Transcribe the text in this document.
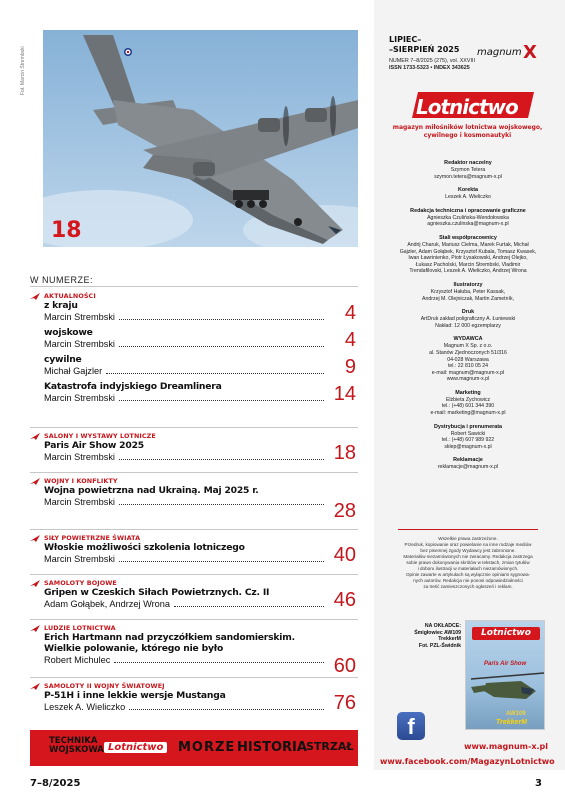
18
Fot. Marcin Strembski
W NUMERZE:
AKTUALNOŚCI
z kraju
Marcin Strembski	4
wojskowe
Marcin Strembski	4
cywilne
Michał Gajzler	9
Katastrofa indyjskiego Dreamlinera
Marcin Strembski	14
SALONY I WYSTAWY LOTNICZE
Paris Air Show 2025
Marcin Strembski	18
WOJNY I KONFLIKTY
Wojna powietrzna nad Ukrainą. Maj 2025 r.
Marcin Strembski	28
SIŁY POWIETRZNE ŚWIATA
Włoskie możliwości szkolenia lotniczego
Marcin Strembski	40
SAMOLOTY BOJOWE
Gripen w Czeskich Siłach Powietrznych. Cz. II
Adam Gołąbek, Andrzej Wrona	46
LUDZIE LOTNICTWA
Erich Hartmann nad przyczółkiem sandomierskim. Wielkie polowanie, którego nie było
Robert Michulec	60
SAMOLOTY II WOJNY ŚWIATOWEJ
P-51H i inne lekkie wersje Mustanga
Leszek A. Wieliczko	76
TECHNIKA
WOJSKOWA Lotnictwo	MORZE HISTORIA STRZAŁ
7–8/2025
LIPIEC–
–SIERPIEŃ 2025 magnum X
NUMER 7–8/2025 (275), vol. XXVIII
ISSN 1733-5323 • INDEX 343625
Lotnictwo
magazyn miłośników lotnictwa wojskowego,
cywilnego i kosmonautyki
Redaktor naczelny
Szymon Tetera
szymon.tetera@magnum-x.pl
Korekta
Leszek A. Wieliczko
Redakcja techniczna i opracowanie graficzne
Agnieszka Czulińska-Wendołowska
agnieszka.czulinska@magnum-x.pl
Stali współpracownicy
Andrij Charuk, Mariusz Cielma, Marek Furtak, Michał
Gajzler, Adam Gołąbek, Krzysztof Kubala, Tomasz Kwasek,
Iwan Ławrinienko, Piotr Łysakowski, Andrzej Olejko,
Łukasz Pacholski, Marcin Strembski, Vladimir
Trendafilovski, Leszek A. Wieliczko, Andrzej Wrona
Ilustratorzy
Krzysztof Hałuba, Peter Kassak,
Andrzej M. Olejniczak, Martin Zametník,
Druk
ArtDruk zakład poligraficzny A. Łuniewski
Nakład: 12 000 egzemplarzy
WYDAWCA
Magnum X Sp. z o.o.
al. Stanów Zjednoczonych 51/316
04-028 Warszawa
tel.: 22 810 05 24
e-mail: magnum@magnum-x.pl
www.magnum-x.pl
Marketing
Elżbieta Zychowicz
tel.: (+48) 601 344 390
e-mail: marketing@magnum-x.pl
Dystrybucja i prenumerata
Robert Sawicki
tel.: (+48) 607 989 922
sklep@magnum-x.pl
Reklamacje
reklamacje@magnum-x.pl
Wszelkie prawa zastrzeżone.
Przedruk, kopiowanie oraz powielanie na inne rodzaje mediów
bez pisemnej zgody Wydawcy jest zabronione.
Materiałów niezamówionych nie zwracamy. Redakcja zastrzega
sobie prawo dokonywania skrótów w tekstach, zmian tytułów
i doboru ilustracji w materiałach niezamówionych.
Opinie zawarte w artykułach są wyłącznie opiniami sygnowa-
nych autorów. Redakcja nie ponosi odpowiedzialności
za treść zamieszczonych ogłoszeń i reklam.
NA OKŁADCE:
Śmigłowiec AW109
TrekkerM
Fot. PZL-Świdnik
Lotnictwo
Paris Air Show
AW109
TrekkerM
f
www.magnum-x.pl
www.facebook.com/MagazynLotnictwo
3
